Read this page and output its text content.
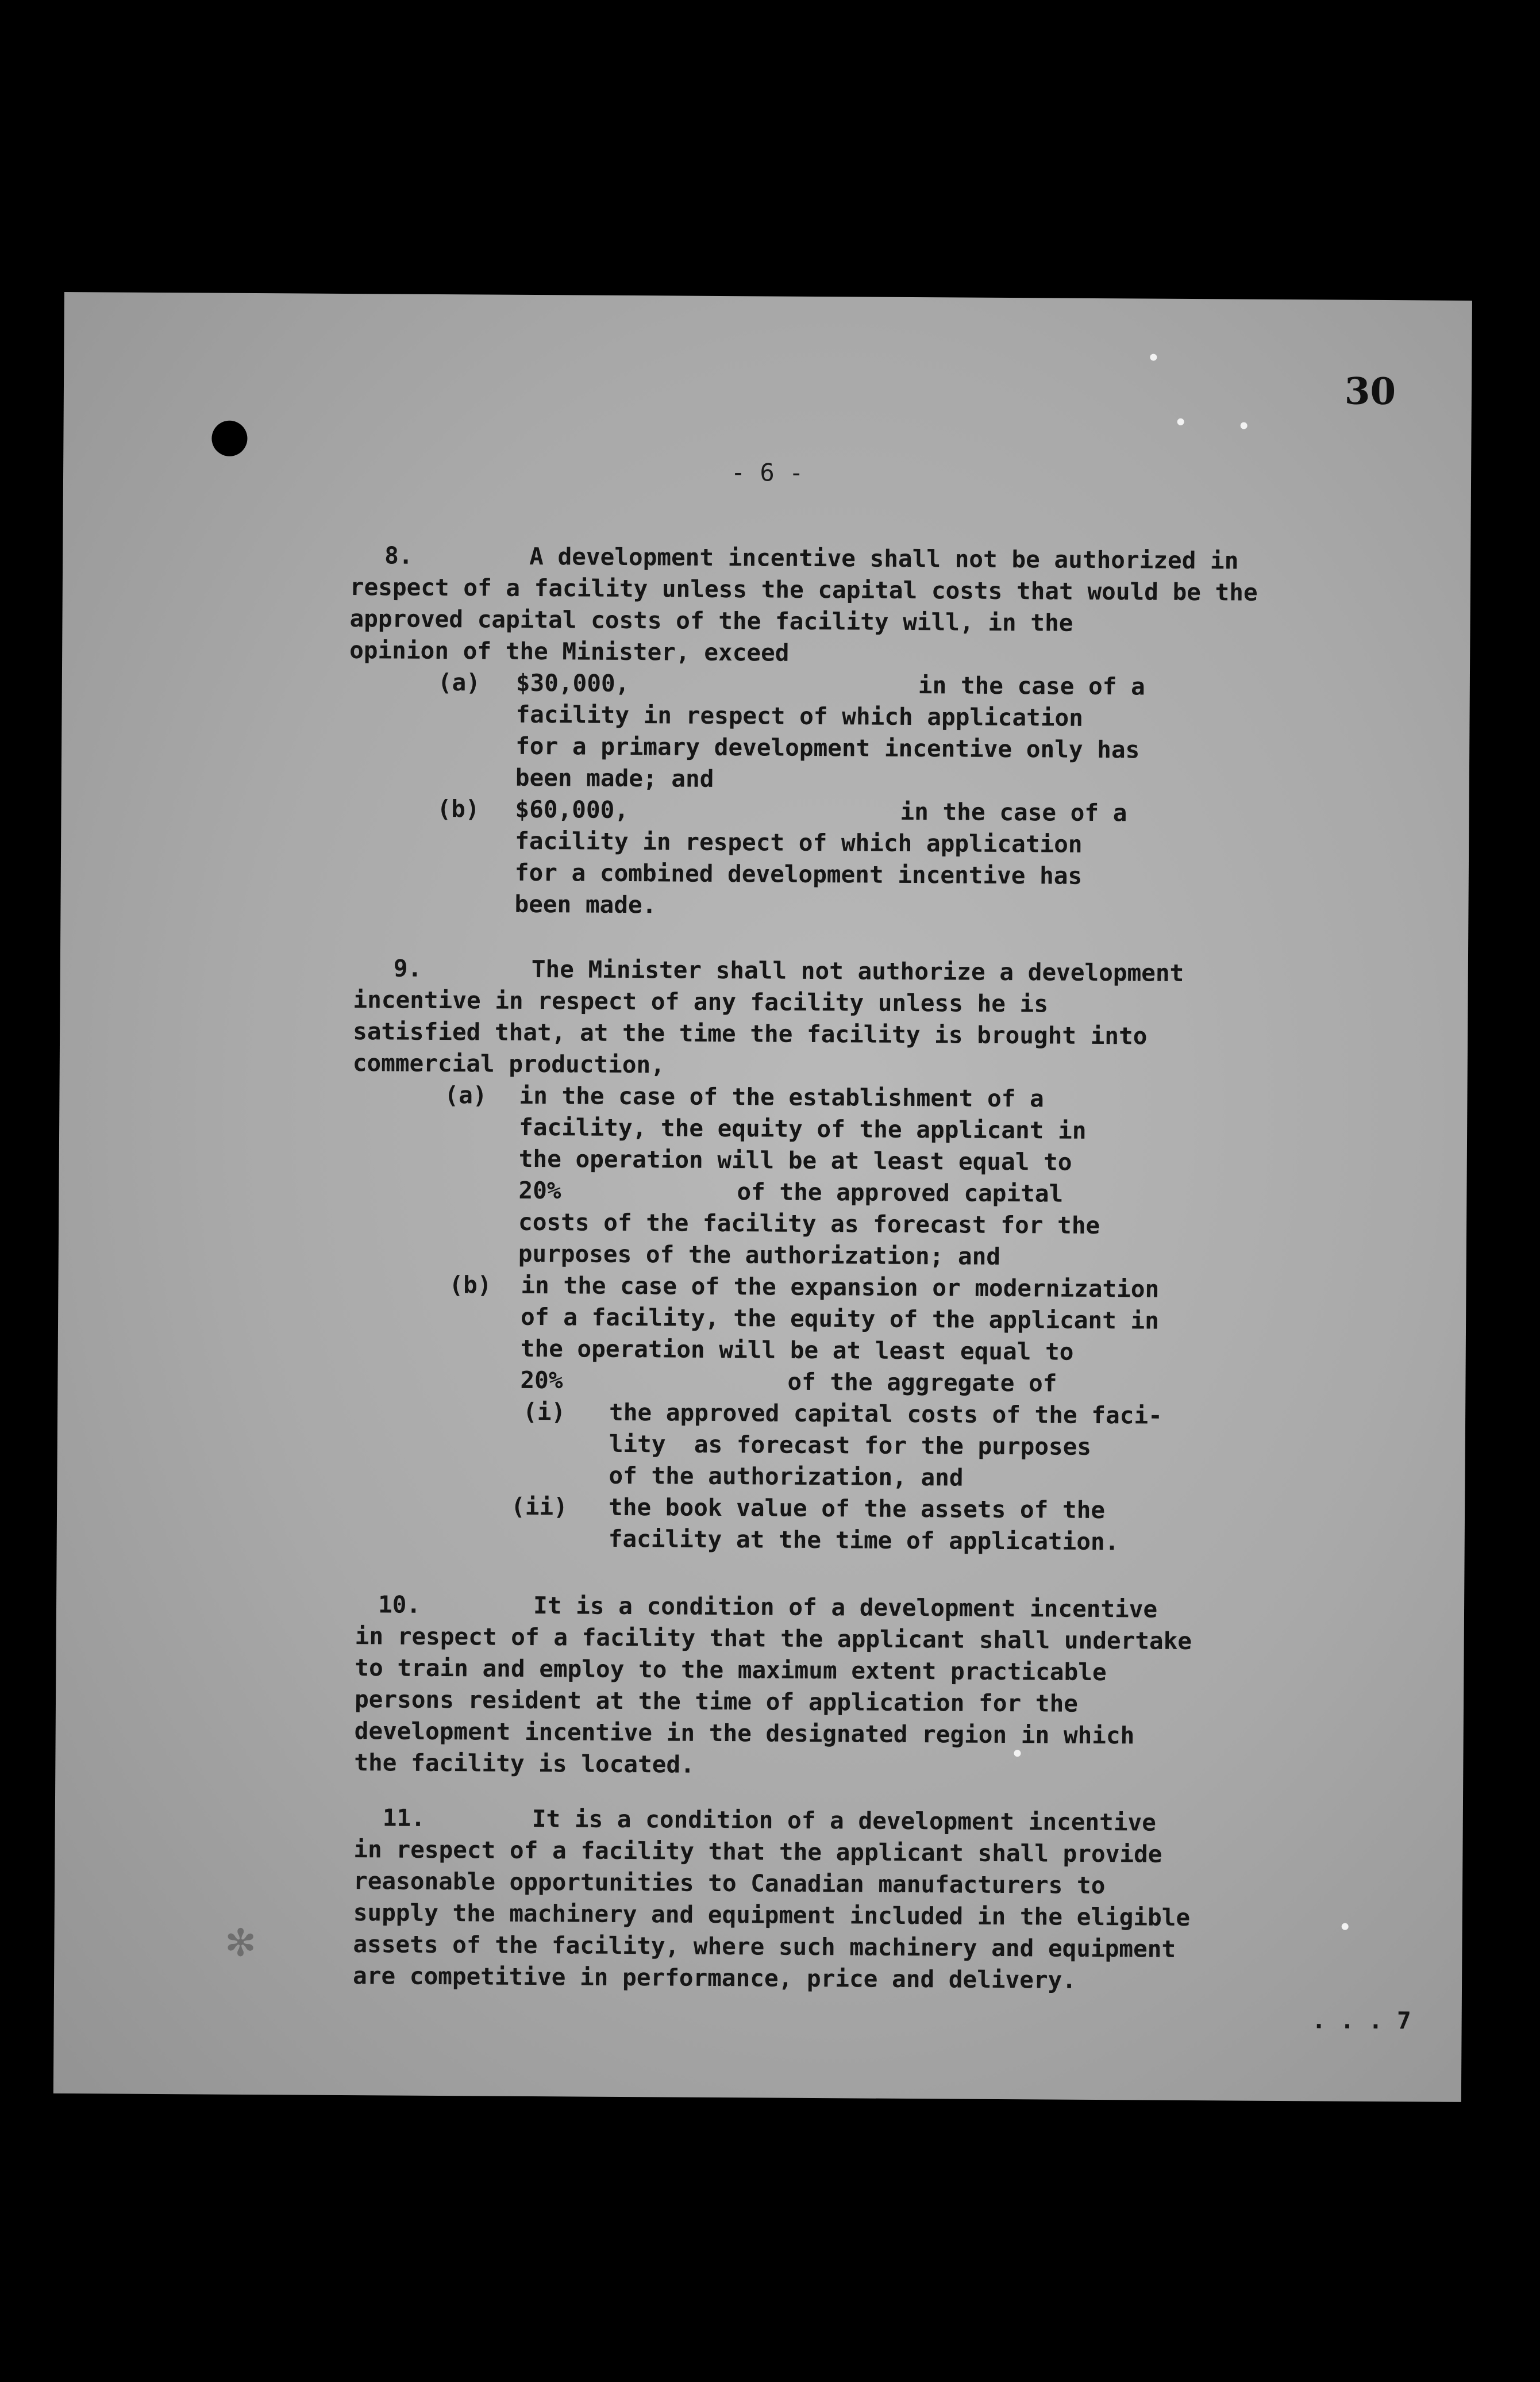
✻
30
- 6 -
8.	A development incentive shall not be authorized in
respect of a facility unless the capital costs that would be the
approved capital costs of the facility will, in the
opinion of the Minister, exceed
(a) $30,000,	in the case of a
facility in respect of which application
for a primary development incentive only has
been made; and
(b) $60,000,	in the case of a
facility in respect of which application
for a combined development incentive has
been made.
9.	The Minister shall not authorize a development
incentive in respect of any facility unless he is
satisfied that, at the time the facility is brought into
commercial production,
(a) in the case of the establishment of a
facility, the equity of the applicant in
the operation will be at least equal to
20%	of the approved capital
costs of the facility as forecast for the
purposes of the authorization; and
(b) in the case of the expansion or modernization
of a facility, the equity of the applicant in
the operation will be at least equal to
20%	of the aggregate of
(i) the approved capital costs of the faci-
lity  as forecast for the purposes
of the authorization, and
(ii) the book value of the assets of the
facility at the time of application.
10.	It is a condition of a development incentive
in respect of a facility that the applicant shall undertake
to train and employ to the maximum extent practicable
persons resident at the time of application for the
development incentive in the designated region in which
the facility is located.
11.	It is a condition of a development incentive
in respect of a facility that the applicant shall provide
reasonable opportunities to Canadian manufacturers to
supply the machinery and equipment included in the eligible
assets of the facility, where such machinery and equipment
are competitive in performance, price and delivery.
. . . 7
